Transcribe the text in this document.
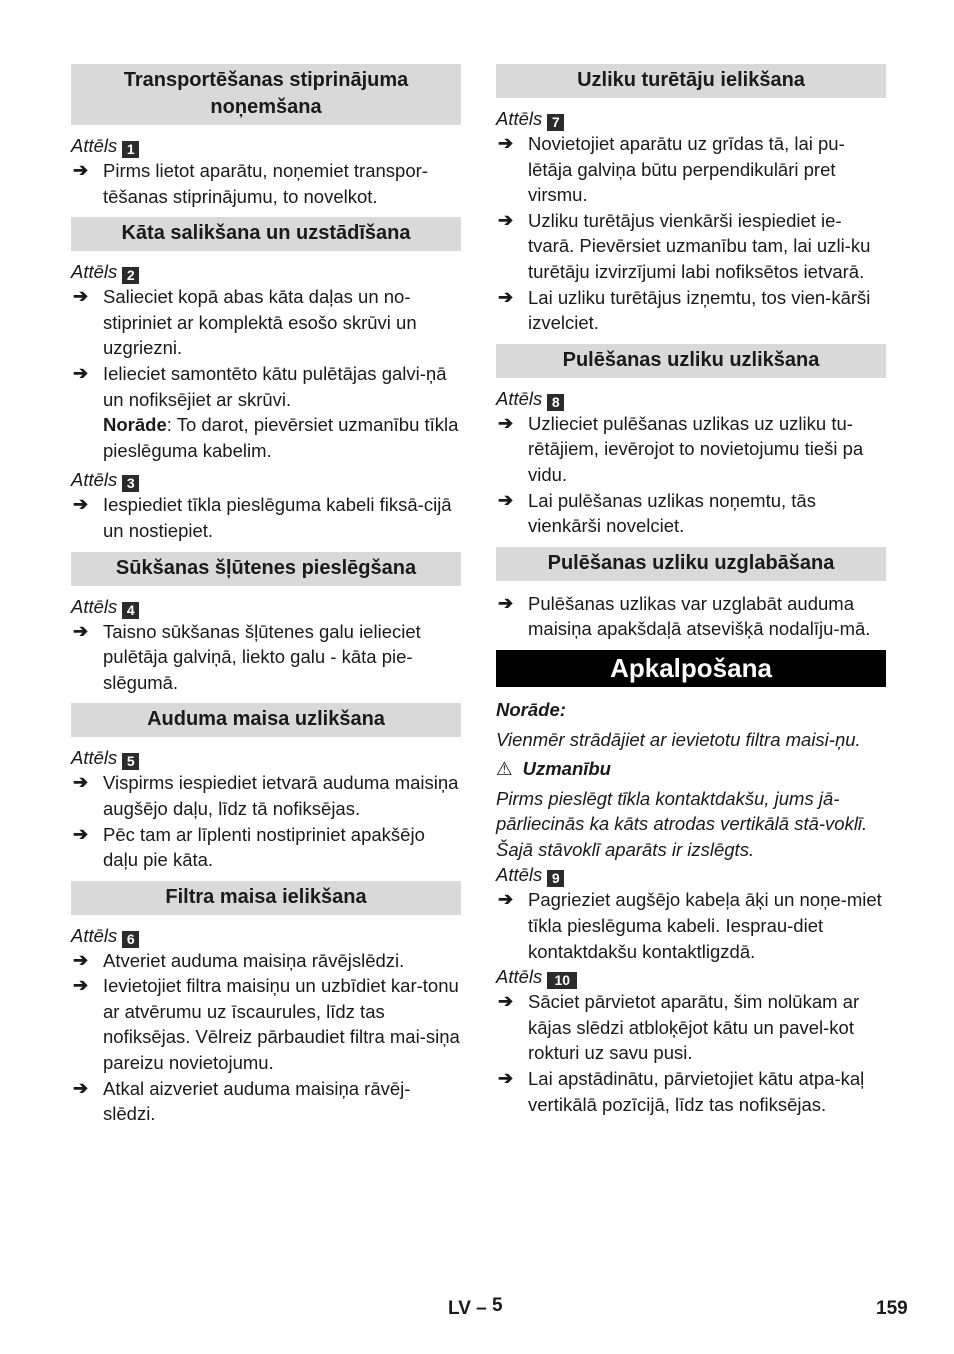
Transportēšanas stiprinājuma noņemšana
Attēls 1
➔ Pirms lietot aparātu, noņemiet transpor-tēšanas stiprinājumu, to novelkot.
Kāta salikšana un uzstādīšana
Attēls 2
➔ Salieciet kopā abas kāta daļas un no-stipriniet ar komplektā esošo skrūvi un uzgriezni.
➔ Ielieciet samontēto kātu pulētājas galvi-ņā un nofiksējiet ar skrūvi.
Norāde: To darot, pievērsiet uzmanību tīkla pieslēguma kabelim.
Attēls 3
➔ Iespiediet tīkla pieslēguma kabeli fiksā-cijā un nostiepiet.
Sūkšanas šļūtenes pieslēgšana
Attēls 4
➔ Taisno sūkšanas šļūtenes galu ielieciet pulētāja galviņā, liekto galu - kāta pie-slēgumā.
Auduma maisa uzlikšana
Attēls 5
➔ Vispirms iespiediet ietvarā auduma maisiņa augšējo daļu, līdz tā nofiksējas.
➔ Pēc tam ar līplenti nostipriniet apakšējo daļu pie kāta.
Filtra maisa ielikšana
Attēls 6
➔ Atveriet auduma maisiņa rāvējslēdzi.
➔ Ievietojiet filtra maisiņu un uzbīdiet kar-tonu ar atvērumu uz īscaurules, līdz tas nofiksējas. Vēlreiz pārbaudiet filtra mai-siņa pareizu novietojumu.
➔ Atkal aizveriet auduma maisiņa rāvēj-slēdzi.
Uzliku turētāju ielikšana
Attēls 7
➔ Novietojiet aparātu uz grīdas tā, lai pu-lētāja galviņa būtu perpendikulāri pret virsmu.
➔ Uzliku turētājus vienkārši iespiediet ie-tvarā. Pievērsiet uzmanību tam, lai uzli-ku turētāju izvirzījumi labi nofiksētos ietvarā.
➔ Lai uzliku turētājus izņemtu, tos vien-kārši izvelciet.
Pulēšanas uzliku uzlikšana
Attēls 8
➔ Uzlieciet pulēšanas uzlikas uz uzliku tu-rētājiem, ievērojot to novietojumu tieši pa vidu.
➔ Lai pulēšanas uzlikas noņemtu, tās vienkārši novelciet.
Pulēšanas uzliku uzglabāšana
➔ Pulēšanas uzlikas var uzglabāt auduma maisiņa apakšdaļā atsevišķā nodalīju-mā.
Apkalpošana
Norāde:
Vienmēr strādājiet ar ievietotu filtra maisi-ņu.
⚠ Uzmanību
Pirms pieslēgt tīkla kontaktdakšu, jums jā-pārliecinās ka kāts atrodas vertikālā stā-voklī. Šajā stāvoklī aparāts ir izslēgts.
Attēls 9
➔ Pagrieziet augšējo kabeļa āķi un noņe-miet tīkla pieslēguma kabeli. Iesprau-diet kontaktdakšu kontaktligzdā.
Attēls 10
➔ Sāciet pārvietot aparātu, šim nolūkam ar kājas slēdzi atbloķējot kātu un pavel-kot rokturi uz savu pusi.
➔ Lai apstādinātu, pārvietojiet kātu atpa-kaļ vertikālā pozīcijā, līdz tas nofiksējas.
LV – 5	159
